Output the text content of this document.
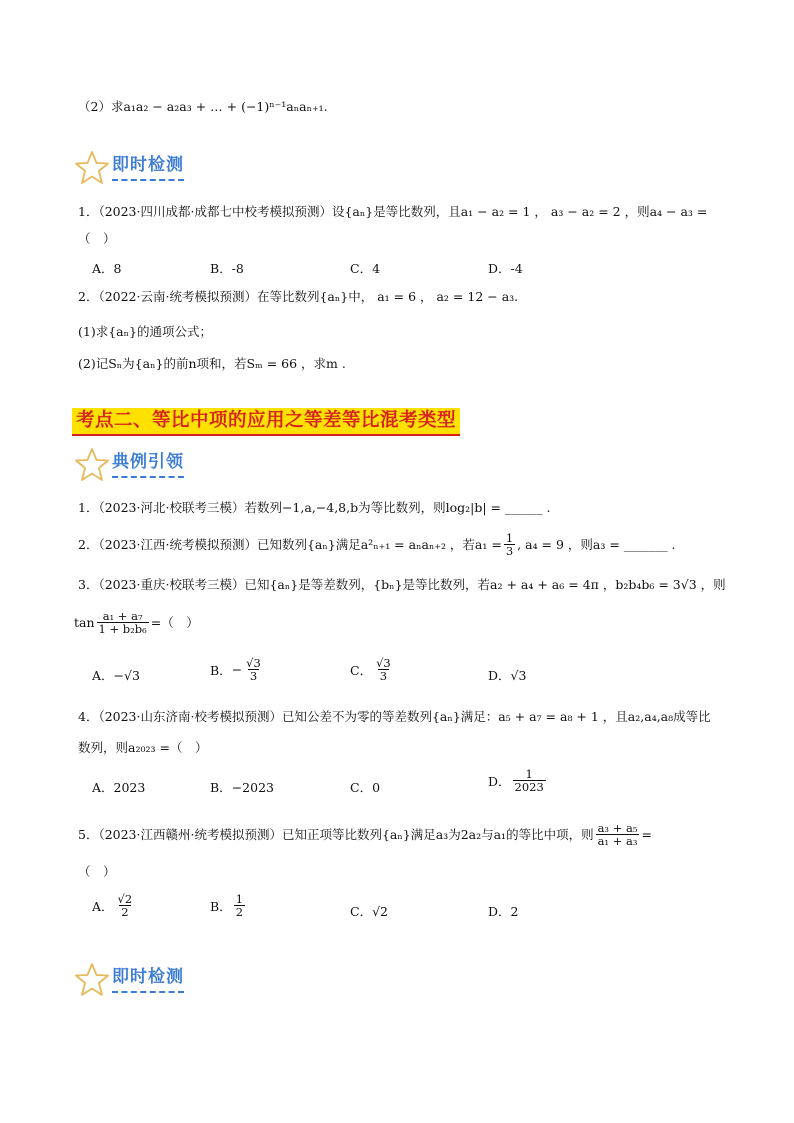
（2）求a₁a₂ − a₂a₃ + … + (−1)ⁿ⁻¹aₙaₙ₊₁.
即时检测
1．（2023·四川成都·成都七中校考模拟预测）设{aₙ}是等比数列，且a₁ − a₂ = 1 ， a₃ − a₂ = 2 ，则a₄ − a₃ =
（　）
A．8	B．-8	C．4	D．-4
2．（2022·云南·统考模拟预测）在等比数列{aₙ}中， a₁ = 6 ， a₂ = 12 − a₃.
(1)求{aₙ}的通项公式；
(2)记Sₙ为{aₙ}的前n项和，若Sₘ = 66 ，求m .
考点二、等比中项的应用之等差等比混考类型
典例引领
1．（2023·河北·校联考三模）若数列−1,a,−4,8,b为等比数列，则log₂|b| = ______ .
2．（2023·江西·统考模拟预测）已知数列{aₙ}满足a²ₙ₊₁ = aₙaₙ₊₂ ，若$a_1 = \frac{1}{3}$ , a₄ = 9 ，则a₃ = _______ .
3．（2023·重庆·校联考三模）已知{aₙ}是等差数列，{bₙ}是等比数列，若a₂ + a₄ + a₆ = 4π ，b₂b₄b₆ = 3√3 ，则
$\tan \frac{\text{a₁ + a₇}}{\text{1 + b₂b₆}}$ =（　）
A．−√3	B． − $\frac{√3}{3}$	C． $\frac{√3}{3}$	D．√3
4．（2023·山东济南·校考模拟预测）已知公差不为零的等差数列{aₙ}满足：a₅ + a₇ = a₈ + 1 ，且a₂,a₄,a₈成等比
数列，则a₂₀₂₃ =（　）
A．2023	B．−2023	C．0	D． $\frac{1}{2023}$
5．（2023·江西赣州·统考模拟预测）已知正项等比数列{aₙ}满足a₃为2a₂与a₁的等比中项，则 $\frac{\text{a₃ + a₅}}{\text{a₁ + a₃}}$ =
（　）
A． $\frac{√2}{2}$	B． $\frac{1}{2}$	C．√2	D．2
即时检测
